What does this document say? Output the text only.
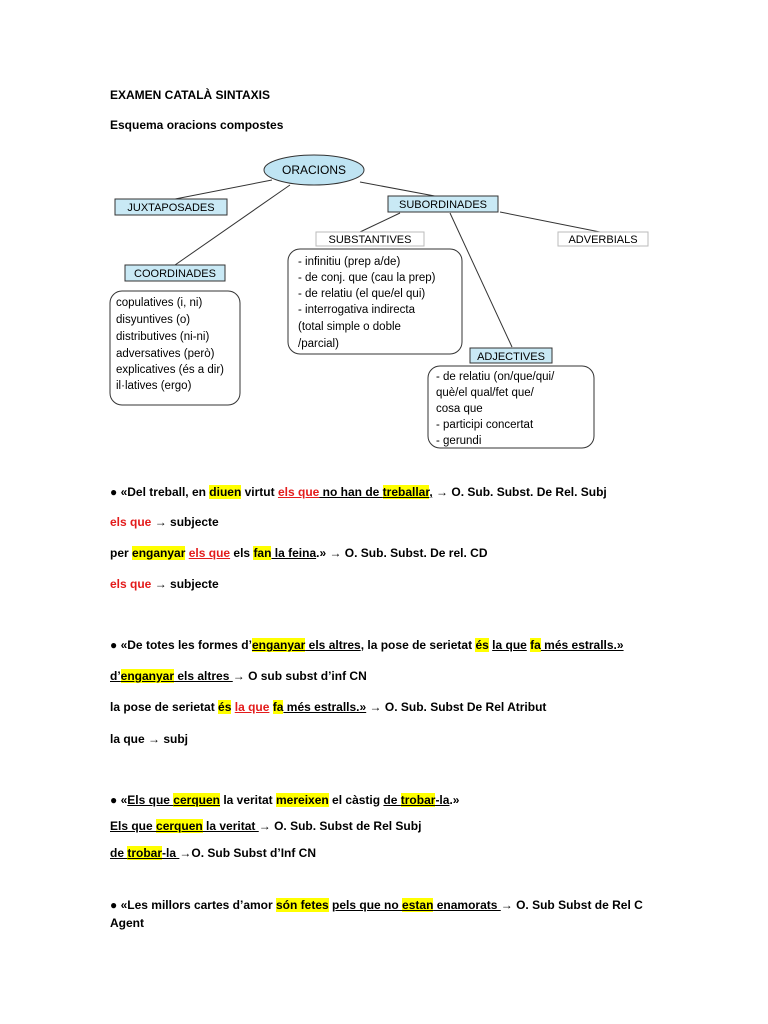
EXAMEN CATALÀ SINTAXIS
Esquema oracions compostes
ORACIONS
JUXTAPOSADES	SUBORDINADES
SUBSTANTIVES	ADVERBIALS
COORDINADES
- infinitiu (prep a/de)
- de conj. que (cau la prep)
- de relatiu (el que/el qui)
- interrogativa indirecta
(total simple o doble
/parcial)
copulatives (i, ni)
disyuntives (o)
distributives (ni-ni)
adversatives (però)
explicatives (és a dir)
il·latives (ergo)
ADJECTIVES
- de relatiu (on/que/qui/
què/el qual/fet que/
cosa que
- participi concertat
- gerundi
● «Del treball, en diuen virtut els que no han de treballar, → O. Sub. Subst. De Rel. Subj
els que → subjecte
per enganyar els que els fan la feina.» → O. Sub. Subst. De rel. CD
els que → subjecte
● «De totes les formes d’enganyar els altres, la pose de serietat és la que fa més estralls.»
d’enganyar els altres → O sub subst d’inf CN
la pose de serietat és la que fa més estralls.» → O. Sub. Subst De Rel Atribut
la que → subj
● «Els que cerquen la veritat mereixen el càstig de trobar-la.»
Els que cerquen la veritat → O. Sub. Subst de Rel Subj
de trobar-la →O. Sub Subst d’Inf CN
● «Les millors cartes d’amor són fetes pels que no estan enamorats → O. Sub Subst de Rel C
Agent
